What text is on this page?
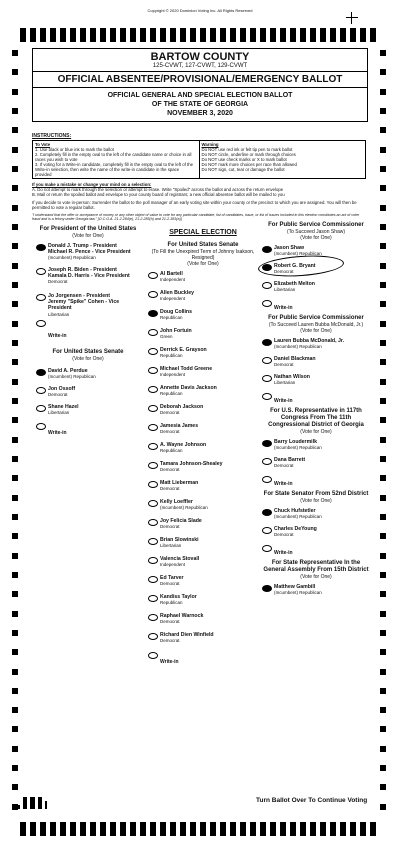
Copyright © 2020 Dominion Voting Inc. All Rights Reserved
BARTOW COUNTY
125-CVWT, 127-CVWT, 129-CVWT
OFFICIAL ABSENTEE/PROVISIONAL/EMERGENCY BALLOT
OFFICIAL GENERAL AND SPECIAL ELECTION BALLOT
OF THE STATE OF GEORGIA
NOVEMBER 3, 2020
INSTRUCTIONS:
To Vote
1. Use black or blue ink to mark the ballot
2. Completely fill in the empty oval to the left of the candidate name or choice in all races you wish to vote
3. If voting for a Write-in candidate, completely fill in the empty oval to the left of the Write-in selection, then write the name of the write-in candidate in the space provided
Warning
Do NOT use red ink or felt tip pen to mark ballot
Do NOT circle, underline or mark through choices
Do NOT use check marks or X to mark ballot
Do NOT mark more choices per race than allowed
Do NOT sign, cut, tear or damage the ballot
If you make a mistake or change your mind on a selection:
A. Do not attempt to mark through the selection or attempt to erase. Write "Spoiled" across the ballot and across the return envelope
B. Mail or return the spoiled ballot and envelope to your county board of registrars; a new official absentee ballot will be mailed to you
If you decide to vote in-person: Surrender the ballot to the poll manager of an early voting site within your county or the precinct to which you are assigned. You will then be permitted to vote a regular ballot.
"I understand that the offer or acceptance of money or any other object of value to vote for any particular candidate, list of candidates, issue, or list of issues included in this election constitutes an act of voter fraud and is a felony under Georgia law." [O.C.G.A. 21-2-284(e), 21-2-285(h) and 21-2-383(a)]
For President of the United States
(Vote for One)
Donald J. Trump - President
Michael R. Pence - Vice President
(Incumbent) Republican
Joseph R. Biden - President
Kamala D. Harris - Vice President
Democrat
Jo Jorgensen - President
Jeremy "Spike" Cohen - Vice President
Libertarian
Write-in
For United States Senate
(Vote for One)
David A. Perdue
(Incumbent) Republican
Jon Ossoff
Democrat
Shane Hazel
Libertarian
Write-in
SPECIAL ELECTION
For United States Senate
(To Fill the Unexpired Term of Johnny Isakson, Resigned)
(Vote for One)
Al Bartell
Independent
Allen Buckley
Independent
Doug Collins
Republican
John Fortuin
Green
Derrick E. Grayson
Republican
Michael Todd Greene
Independent
Annette Davis Jackson
Republican
Deborah Jackson
Democrat
Jamesia James
Democrat
A. Wayne Johnson
Republican
Tamara Johnson-Shealey
Democrat
Matt Lieberman
Democrat
Kelly Loeffler
(Incumbent) Republican
Joy Felicia Slade
Democrat
Brian Slowinski
Libertarian
Valencia Stovall
Independent
Ed Tarver
Democrat
Kandiss Taylor
Republican
Raphael Warnock
Democrat
Richard Dien Winfield
Democrat
Write-in
For Public Service Commissioner
(To Succeed Jason Shaw)
(Vote for One)
Jason Shaw
(Incumbent) Republican
Robert G. Bryant
Democrat
Elizabeth Melton
Libertarian
Write-in
For Public Service Commissioner
(To Succeed Lauren Bubba McDonald, Jr.)
(Vote for One)
Lauren Bubba McDonald, Jr.
(Incumbent) Republican
Daniel Blackman
Democrat
Nathan Wilson
Libertarian
Write-in
For U.S. Representative in 117th Congress From The 11th Congressional District of Georgia
(Vote for One)
Barry Loudermilk
(Incumbent) Republican
Dana Barrett
Democrat
Write-in
For State Senator From 52nd District
(Vote for One)
Chuck Hufstetler
(Incumbent) Republican
Charles DeYoung
Democrat
Write-in
For State Representative In the General Assembly From 15th District
(Vote for One)
Matthew Gambill
(Incumbent) Republican
Turn Ballot Over To Continue Voting
